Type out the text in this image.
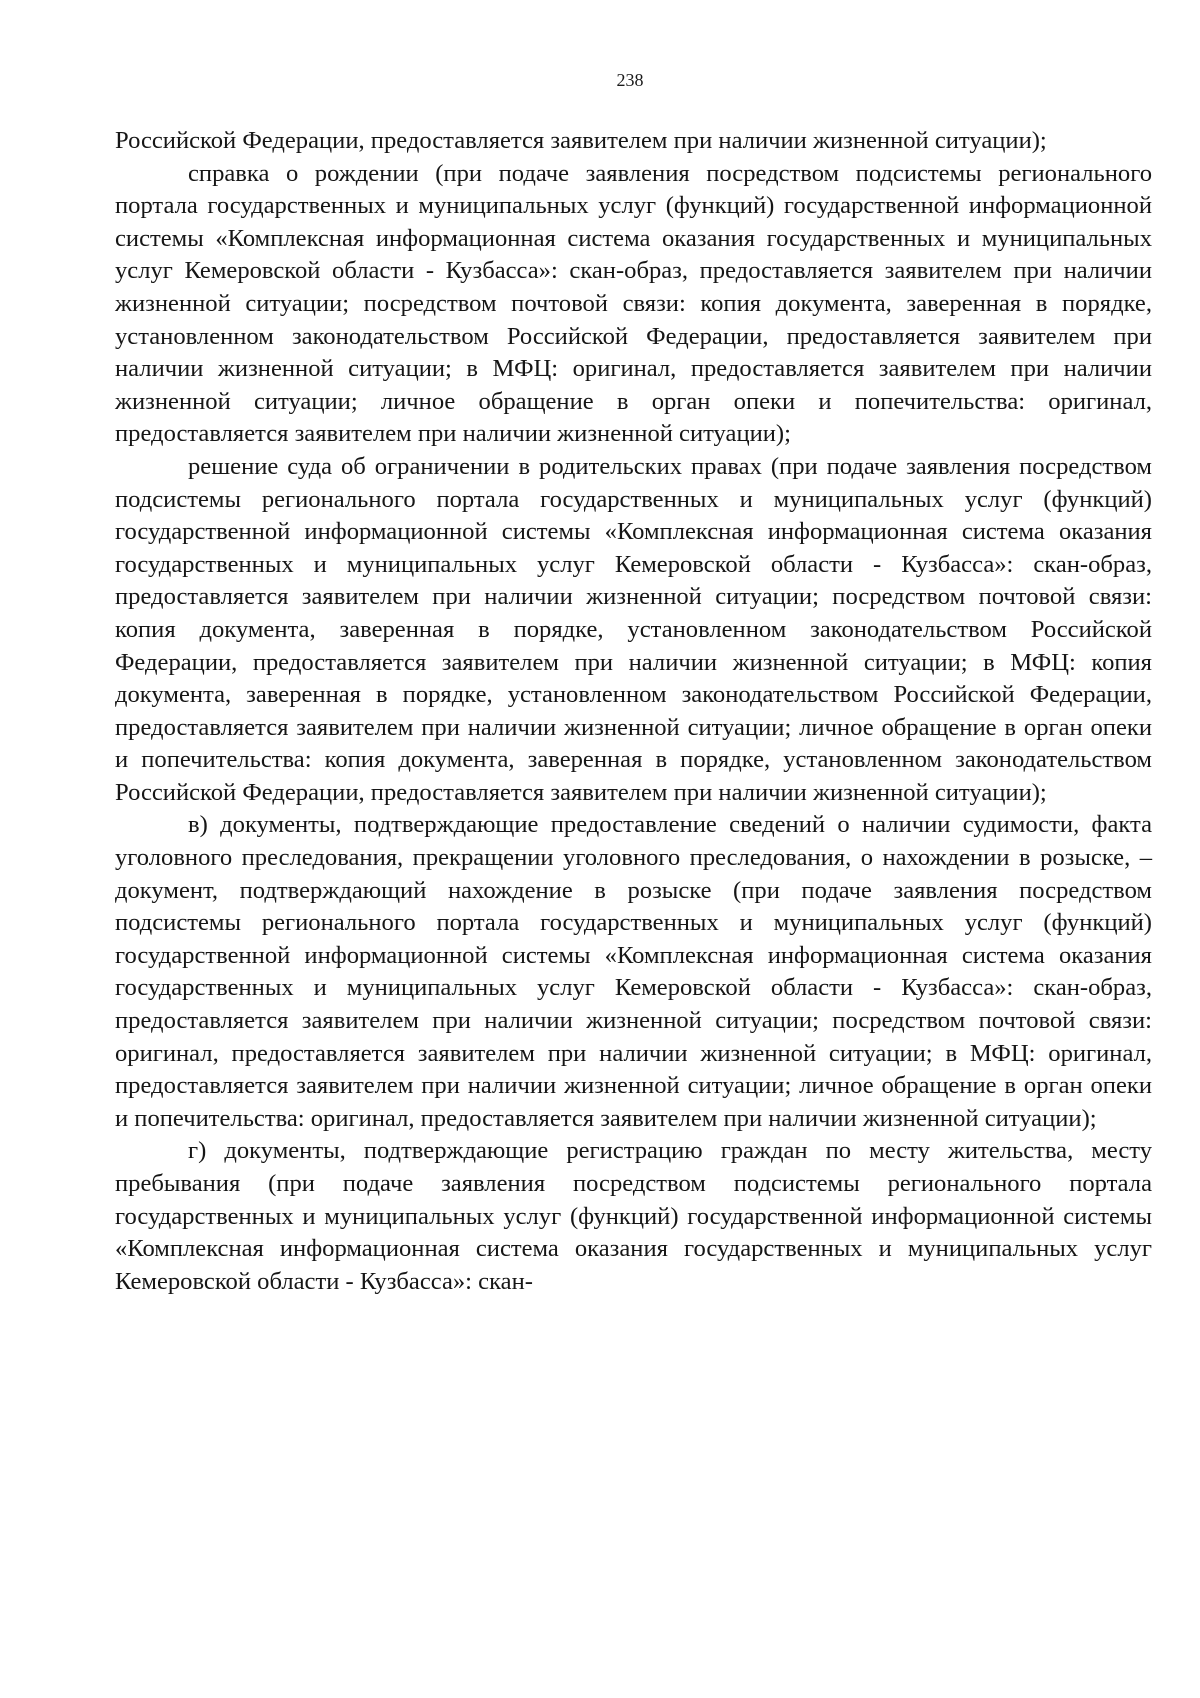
238

Российской Федерации, предоставляется заявителем при наличии жизненной ситуации);

справка о рождении (при подаче заявления посредством подсистемы регионального портала государственных и муниципальных услуг (функций) государственной информационной системы «Комплексная информационная система оказания государственных и муниципальных услуг Кемеровской области - Кузбасса»: скан-образ, предоставляется заявителем при наличии жизненной ситуации; посредством почтовой связи: копия документа, заверенная в порядке, установленном законодательством Российской Федерации, предоставляется заявителем при наличии жизненной ситуации; в МФЦ: оригинал, предоставляется заявителем при наличии жизненной ситуации; личное обращение в орган опеки и попечительства: оригинал, предоставляется заявителем при наличии жизненной ситуации);

решение суда об ограничении в родительских правах (при подаче заявления посредством подсистемы регионального портала государственных и муниципальных услуг (функций) государственной информационной системы «Комплексная информационная система оказания государственных и муниципальных услуг Кемеровской области - Кузбасса»: скан-образ, предоставляется заявителем при наличии жизненной ситуации; посредством почтовой связи: копия документа, заверенная в порядке, установленном законодательством Российской Федерации, предоставляется заявителем при наличии жизненной ситуации; в МФЦ: копия документа, заверенная в порядке, установленном законодательством Российской Федерации, предоставляется заявителем при наличии жизненной ситуации; личное обращение в орган опеки и попечительства: копия документа, заверенная в порядке, установленном законодательством Российской Федерации, предоставляется заявителем при наличии жизненной ситуации);

в) документы, подтверждающие предоставление сведений о наличии судимости, факта уголовного преследования, прекращении уголовного преследования, о нахождении в розыске, – документ, подтверждающий нахождение в розыске (при подаче заявления посредством подсистемы регионального портала государственных и муниципальных услуг (функций) государственной информационной системы «Комплексная информационная система оказания государственных и муниципальных услуг Кемеровской области - Кузбасса»: скан-образ, предоставляется заявителем при наличии жизненной ситуации; посредством почтовой связи: оригинал, предоставляется заявителем при наличии жизненной ситуации; в МФЦ: оригинал, предоставляется заявителем при наличии жизненной ситуации; личное обращение в орган опеки и попечительства: оригинал, предоставляется заявителем при наличии жизненной ситуации);

г) документы, подтверждающие регистрацию граждан по месту жительства, месту пребывания (при подаче заявления посредством подсистемы регионального портала государственных и муниципальных услуг (функций) государственной информационной системы «Комплексная информационная система оказания государственных и муниципальных услуг Кемеровской области - Кузбасса»: скан-
